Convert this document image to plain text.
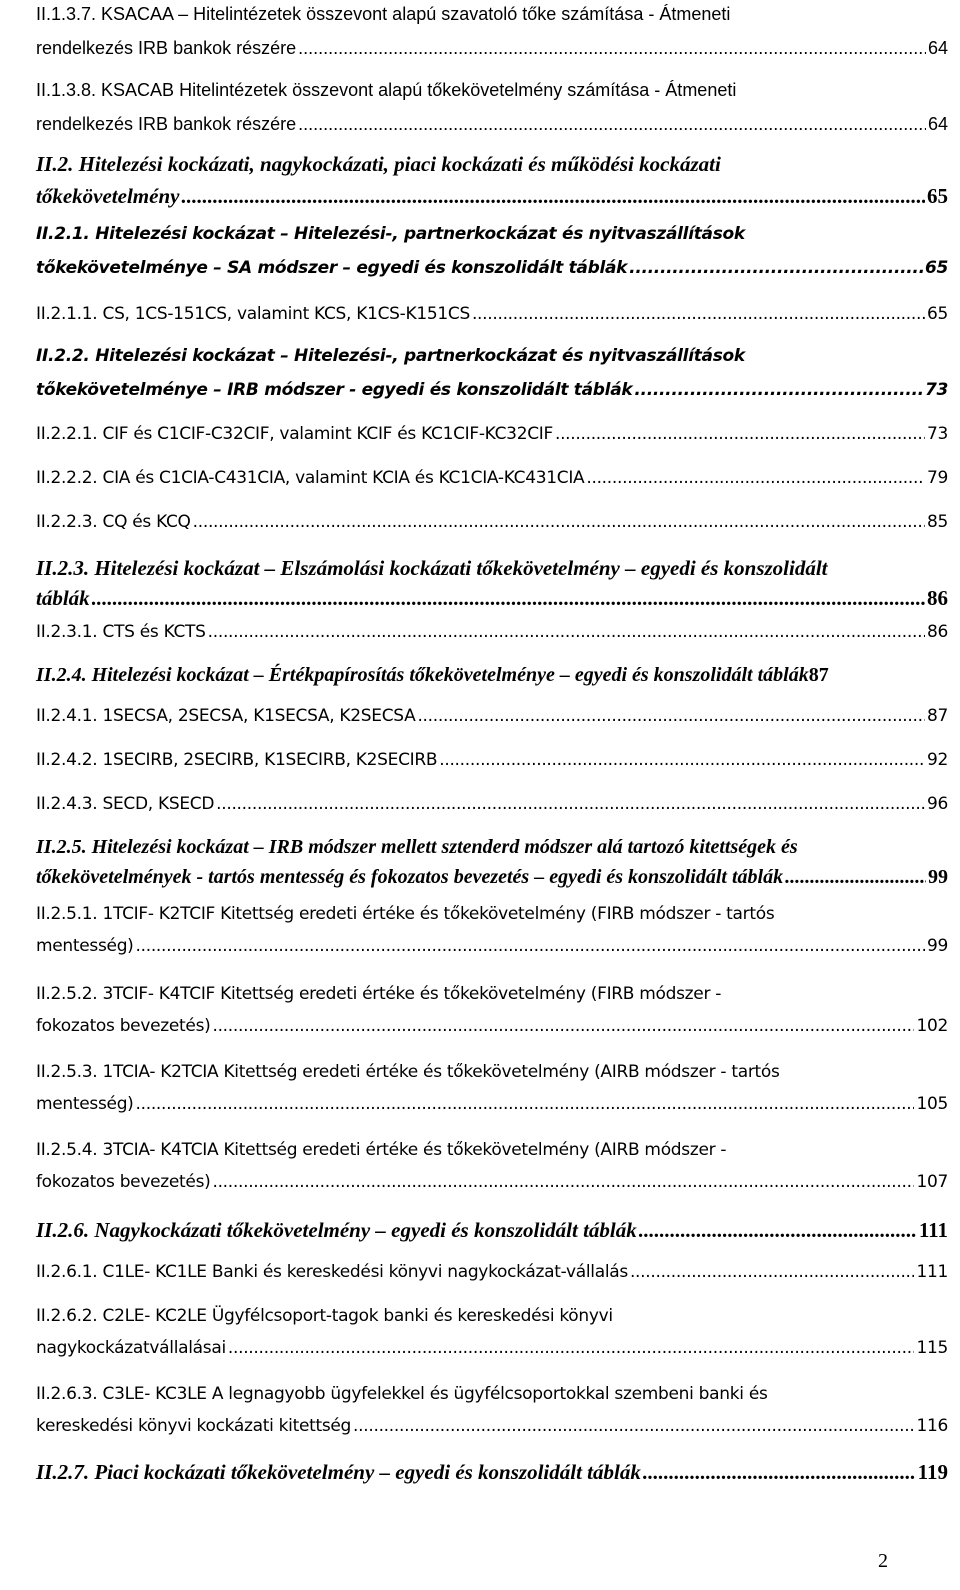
II.1.3.7. KSACAA – Hitelintézetek összevont alapú szavatoló tőke számítása - Átmeneti
rendelkezés IRB bankok részére .....	64
II.1.3.8. KSACAB Hitelintézetek összevont alapú tőkekövetelmény számítása - Átmeneti
rendelkezés IRB bankok részére .....	64
II.2. Hitelezési kockázati, nagykockázati, piaci kockázati és működési kockázati
tőkekövetelmény .....	65
II.2.1. Hitelezési kockázat – Hitelezési-, partnerkockázat és nyitvaszállítások
tőkekövetelménye – SA módszer – egyedi és konszolidált táblák .....	65
II.2.1.1. CS, 1CS-151CS, valamint KCS, K1CS-K151CS .....	65
II.2.2. Hitelezési kockázat – Hitelezési-, partnerkockázat és nyitvaszállítások
tőkekövetelménye – IRB módszer - egyedi és konszolidált táblák .....	73
II.2.2.1. CIF és C1CIF-C32CIF, valamint KCIF és KC1CIF-KC32CIF .....	73
II.2.2.2. CIA és C1CIA-C431CIA, valamint KCIA és KC1CIA-KC431CIA .....	79
II.2.2.3. CQ és KCQ .....	85
II.2.3. Hitelezési kockázat – Elszámolási kockázati tőkekövetelmény – egyedi és konszolidált
táblák .....	86
II.2.3.1. CTS és KCTS .....	86
II.2.4. Hitelezési kockázat – Értékpapírosítás tőkekövetelménye – egyedi és konszolidált táblák 87
II.2.4.1. 1SECSA, 2SECSA, K1SECSA, K2SECSA .....	87
II.2.4.2. 1SECIRB, 2SECIRB, K1SECIRB, K2SECIRB .....	92
II.2.4.3. SECD, KSECD .....	96
II.2.5. Hitelezési kockázat – IRB módszer mellett sztenderd módszer alá tartozó kitettségek és
tőkekövetelmények - tartós mentesség és fokozatos bevezetés – egyedi és konszolidált táblák .....	99
II.2.5.1. 1TCIF- K2TCIF Kitettség eredeti értéke és tőkekövetelmény (FIRB módszer - tartós
mentesség) .....	99
II.2.5.2. 3TCIF- K4TCIF Kitettség eredeti értéke és tőkekövetelmény (FIRB módszer -
fokozatos bevezetés) .....	102
II.2.5.3. 1TCIA- K2TCIA Kitettség eredeti értéke és tőkekövetelmény (AIRB módszer - tartós
mentesség) .....	105
II.2.5.4. 3TCIA- K4TCIA Kitettség eredeti értéke és tőkekövetelmény (AIRB módszer -
fokozatos bevezetés) .....	107
II.2.6. Nagykockázati tőkekövetelmény – egyedi és konszolidált táblák .....	111
II.2.6.1. C1LE- KC1LE Banki és kereskedési könyvi nagykockázat-vállalás .....	111
II.2.6.2. C2LE- KC2LE Ügyfélcsoport-tagok banki és kereskedési könyvi
nagykockázatvállalásai .....	115
II.2.6.3. C3LE- KC3LE A legnagyobb ügyfelekkel és ügyfélcsoportokkal szembeni banki és
kereskedési könyvi kockázati kitettség .....	116
II.2.7. Piaci kockázati tőkekövetelmény – egyedi és konszolidált táblák .....	119
2
